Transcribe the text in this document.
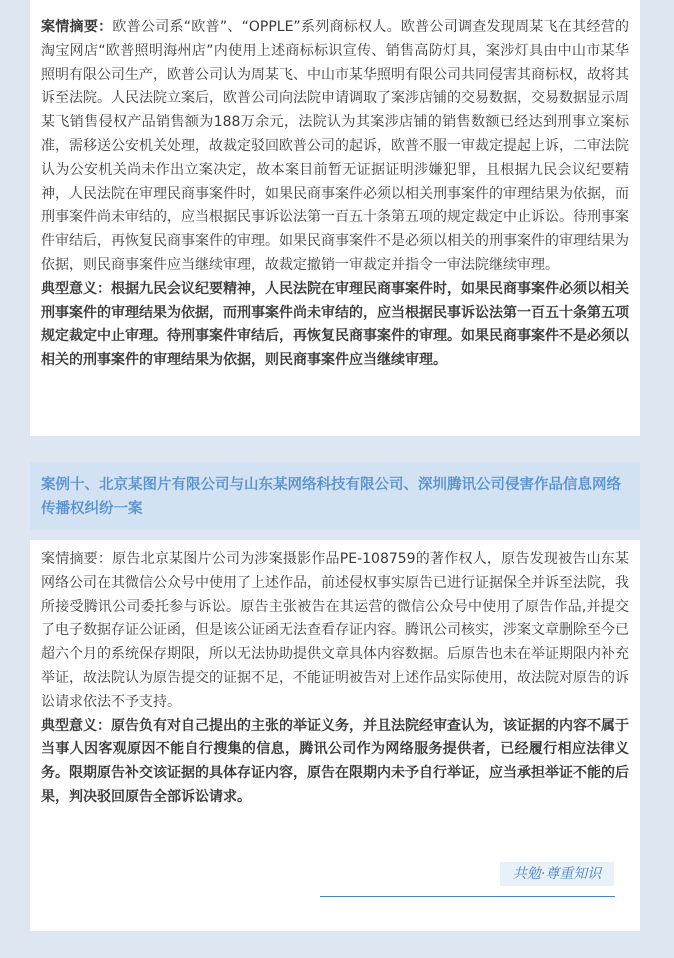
案情摘要：欧普公司系“欧普”、“OPPLE”系列商标权人。欧普公司调查发现周某飞在其经营的淘宝网店“欧普照明海州店”内使用上述商标标识宣传、销售高防灯具，案涉灯具由中山市某华照明有限公司生产，欧普公司认为周某飞、中山市某华照明有限公司共同侵害其商标权，故将其诉至法院。人民法院立案后，欧普公司向法院申请调取了案涉店铺的交易数据，交易数据显示周某飞销售侵权产品销售额为188万余元，法院认为其案涉店铺的销售数额已经达到刑事立案标准，需移送公安机关处理，故裁定驳回欧普公司的起诉，欧普不服一审裁定提起上诉，二审法院认为公安机关尚未作出立案决定，故本案目前暂无证据证明涉嫌犯罪，且根据九民会议纪要精神，人民法院在审理民商事案件时，如果民商事案件必须以相关刑事案件的审理结果为依据，而刑事案件尚未审结的，应当根据民事诉讼法第一百五十条第五项的规定裁定中止诉讼。待刑事案件审结后，再恢复民商事案件的审理。如果民商事案件不是必须以相关的刑事案件的审理结果为依据，则民商事案件应当继续审理，故裁定撤销一审裁定并指令一审法院继续审理。

典型意义：根据九民会议纪要精神，人民法院在审理民商事案件时，如果民商事案件必须以相关刑事案件的审理结果为依据，而刑事案件尚未审结的，应当根据民事诉讼法第一百五十条第五项规定裁定中止审理。待刑事案件审结后，再恢复民商事案件的审理。如果民商事案件不是必须以相关的刑事案件的审理结果为依据，则民商事案件应当继续审理。

案例十、北京某图片有限公司与山东某网络科技有限公司、深圳腾讯公司侵害作品信息网络传播权纠纷一案

案情摘要：原告北京某图片公司为涉案摄影作品PE-108759的著作权人，原告发现被告山东某网络公司在其微信公众号中使用了上述作品，前述侵权事实原告已进行证据保全并诉至法院，我所接受腾讯公司委托参与诉讼。原告主张被告在其运营的微信公众号中使用了原告作品,并提交了电子数据存证公证函，但是该公证函无法查看存证内容。腾讯公司核实，涉案文章删除至今已超六个月的系统保存期限，所以无法协助提供文章具体内容数据。后原告也未在举证期限内补充举证，故法院认为原告提交的证据不足，不能证明被告对上述作品实际使用，故法院对原告的诉讼请求依法不予支持。

典型意义：原告负有对自己提出的主张的举证义务，并且法院经审查认为，该证据的内容不属于当事人因客观原因不能自行搜集的信息，腾讯公司作为网络服务提供者，已经履行相应法律义务。限期原告补交该证据的具体存证内容，原告在限期内未予自行举证，应当承担举证不能的后果，判决驳回原告全部诉讼请求。

共勉·尊重知识
